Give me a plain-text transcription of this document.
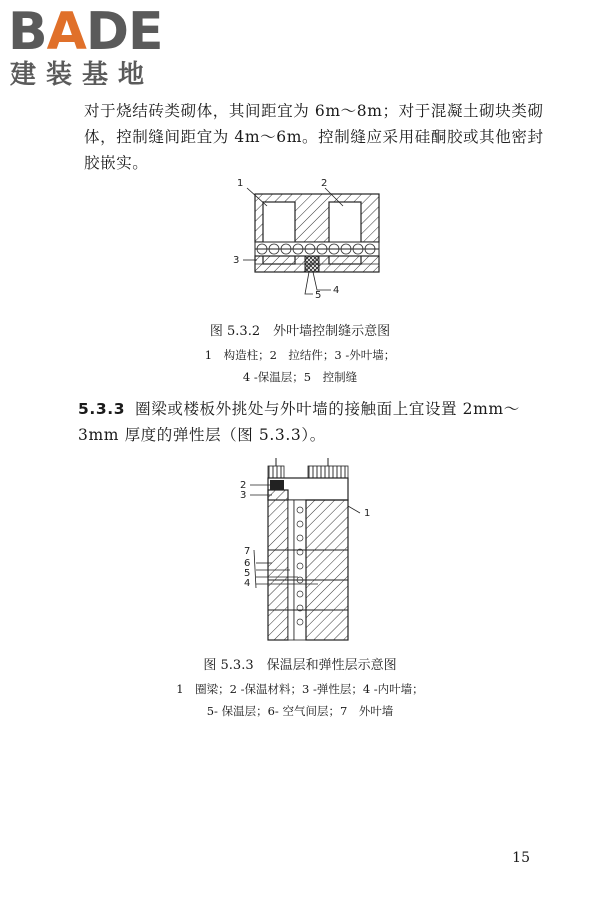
BADE
建装基地
对于烧结砖类砌体，其间距宜为 6m～8m；对于混凝土砌块类砌
体，控制缝间距宜为 4m～6m。控制缝应采用硅酮胶或其他密封
胶嵌实。
1	2
3
4
5
图 5.3.2　外叶墙控制缝示意图
1　构造柱；2　拉结件；3 -外叶墙；
4 -保温层；5　控制缝
5.3.3 圈梁或楼板外挑处与外叶墙的接触面上宜设置 2mm～
3mm 厚度的弹性层（图 5.3.3）。
2
3
1
7
6
5
4
图 5.3.3　保温层和弹性层示意图
1　圈梁；2 -保温材料；3 -弹性层；4 -内叶墙；
5- 保温层；6- 空气间层；7　外叶墙
15
